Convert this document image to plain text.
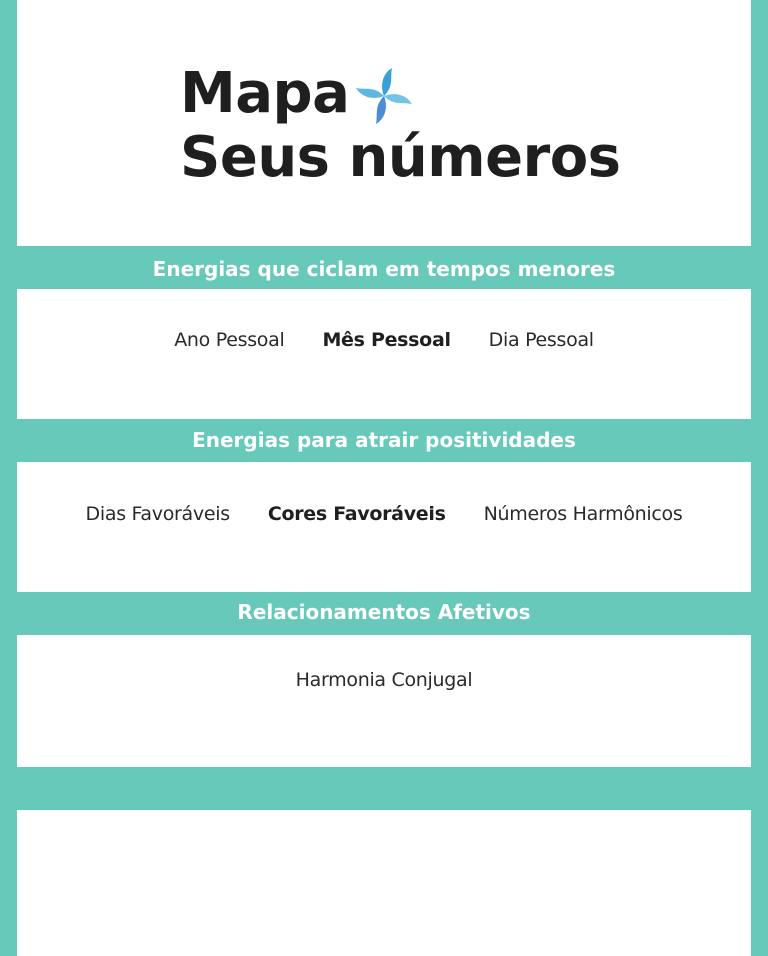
Mapa
Seus números
Energias que ciclam em tempos menores
Energias para atrair positividades
Relacionamentos Afetivos
Ano Pessoal Mês Pessoal Dia Pessoal
Dias Favoráveis Cores Favoráveis Números Harmônicos
Harmonia Conjugal
